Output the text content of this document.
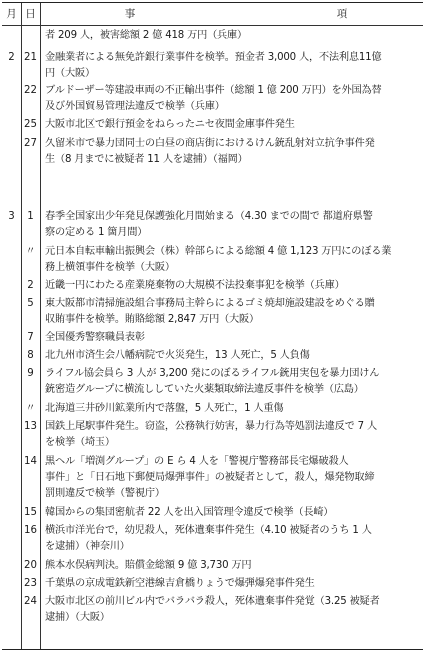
月 日	事	項
者 209 人，被害総額 2 億 418 万円（兵庫）
2 21 金融業者による無免許銀行業事件を検挙。預金者 3,000 人，不法利息11億
円（大阪）
22 ブルドーザー等建設車両の不正輸出事件（総額 1 億 200 万円）を外国為替
及び外国貿易管理法違反で検挙（兵庫）
25 大阪市北区で銀行預金をねらったニセ夜間金庫事件発生
27 久留米市で暴力団同士の白昼の商店街におけるけん銃乱射対立抗争事件発
生（8 月までに被疑者 11 人を逮捕）（福岡）
3	1	春季全国家出少年発見保護強化月間始まる（4.30 までの間で 都道府県警
察の定める 1 箇月間）
〃 元日本自転車輸出振興会（株）幹部らによる総額 4 億 1,123 万円にのぼる業
務上横領事件を検挙（大阪）
2	近畿一円にわたる産業廃棄物の大規模不法投棄事犯を検挙（兵庫）
5	東大阪都市清掃施設組合事務局主幹らによるゴミ焼却施設建設をめぐる贈
収賄事件を検挙。賄賂総額 2,847 万円（大阪）
7	全国優秀警察職員表彰
8	北九州市済生会八幡病院で火災発生，13 人死亡，5 人負傷
9	ライフル協会員ら 3 人が 3,200 発にのぼるライフル銃用実包を暴力団けん
銃密造グループに横流ししていた火薬類取締法違反事件を検挙（広島）
〃 北海道三井砂川鉱業所内で落盤，5 人死亡，1 人重傷
13 国鉄上尾駅事件発生。窃盗，公務執行妨害，暴力行為等処罰法違反で 7 人
を検挙（埼玉）
14 黒ヘル「増渕グループ」の E ら 4 人を「警視庁警務部長宅爆破殺人
事件」と「日石地下郵便局爆弾事件」の被疑者として，殺人，爆発物取締
罰則違反で検挙（警視庁）
15 韓国からの集団密航者 22 人を出入国管理令違反で検挙（長崎）
16 横浜市洋光台で，幼児殺人，死体遺棄事件発生（4.10 被疑者のうち 1 人
を逮捕）（神奈川）
20 熊本水俣病判決。賠償金総額 9 億 3,730 万円
23 千葉県の京成電鉄新空港線吉倉橋りょうで爆弾爆発事件発生
24 大阪市北区の前川ビル内でバラバラ殺人，死体遺棄事件発覚（3.25 被疑者
逮捕）（大阪）
